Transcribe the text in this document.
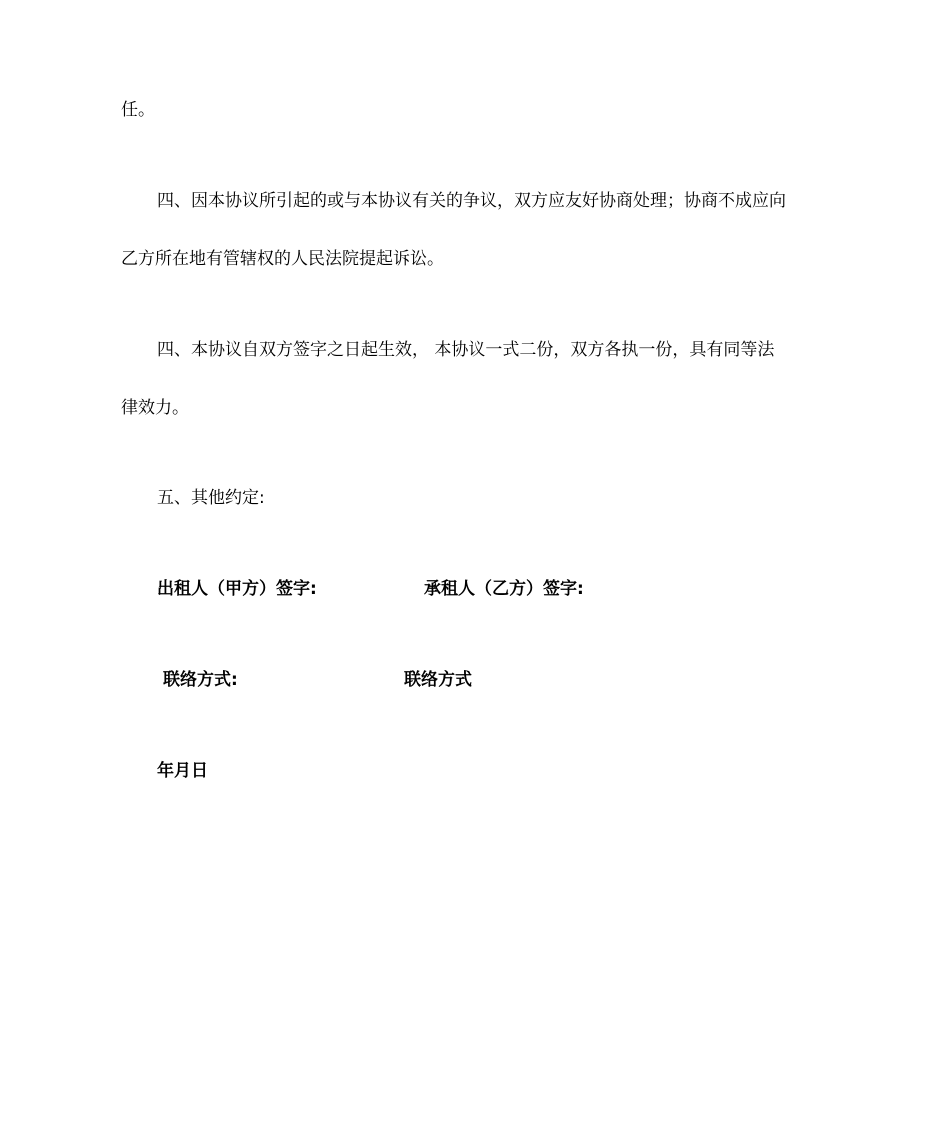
任。
四、因本协议所引起的或与本协议有关的争议，双方应友好协商处理；协商不成应向
乙方所在地有管辖权的人民法院提起诉讼。
四、本协议自双方签字之日起生效， 本协议一式二份，双方各执一份，具有同等法
律效力。
五、其他约定:
出租人（甲方）签字:	承租人（乙方）签字:
联络方式:	联络方式
年月日
